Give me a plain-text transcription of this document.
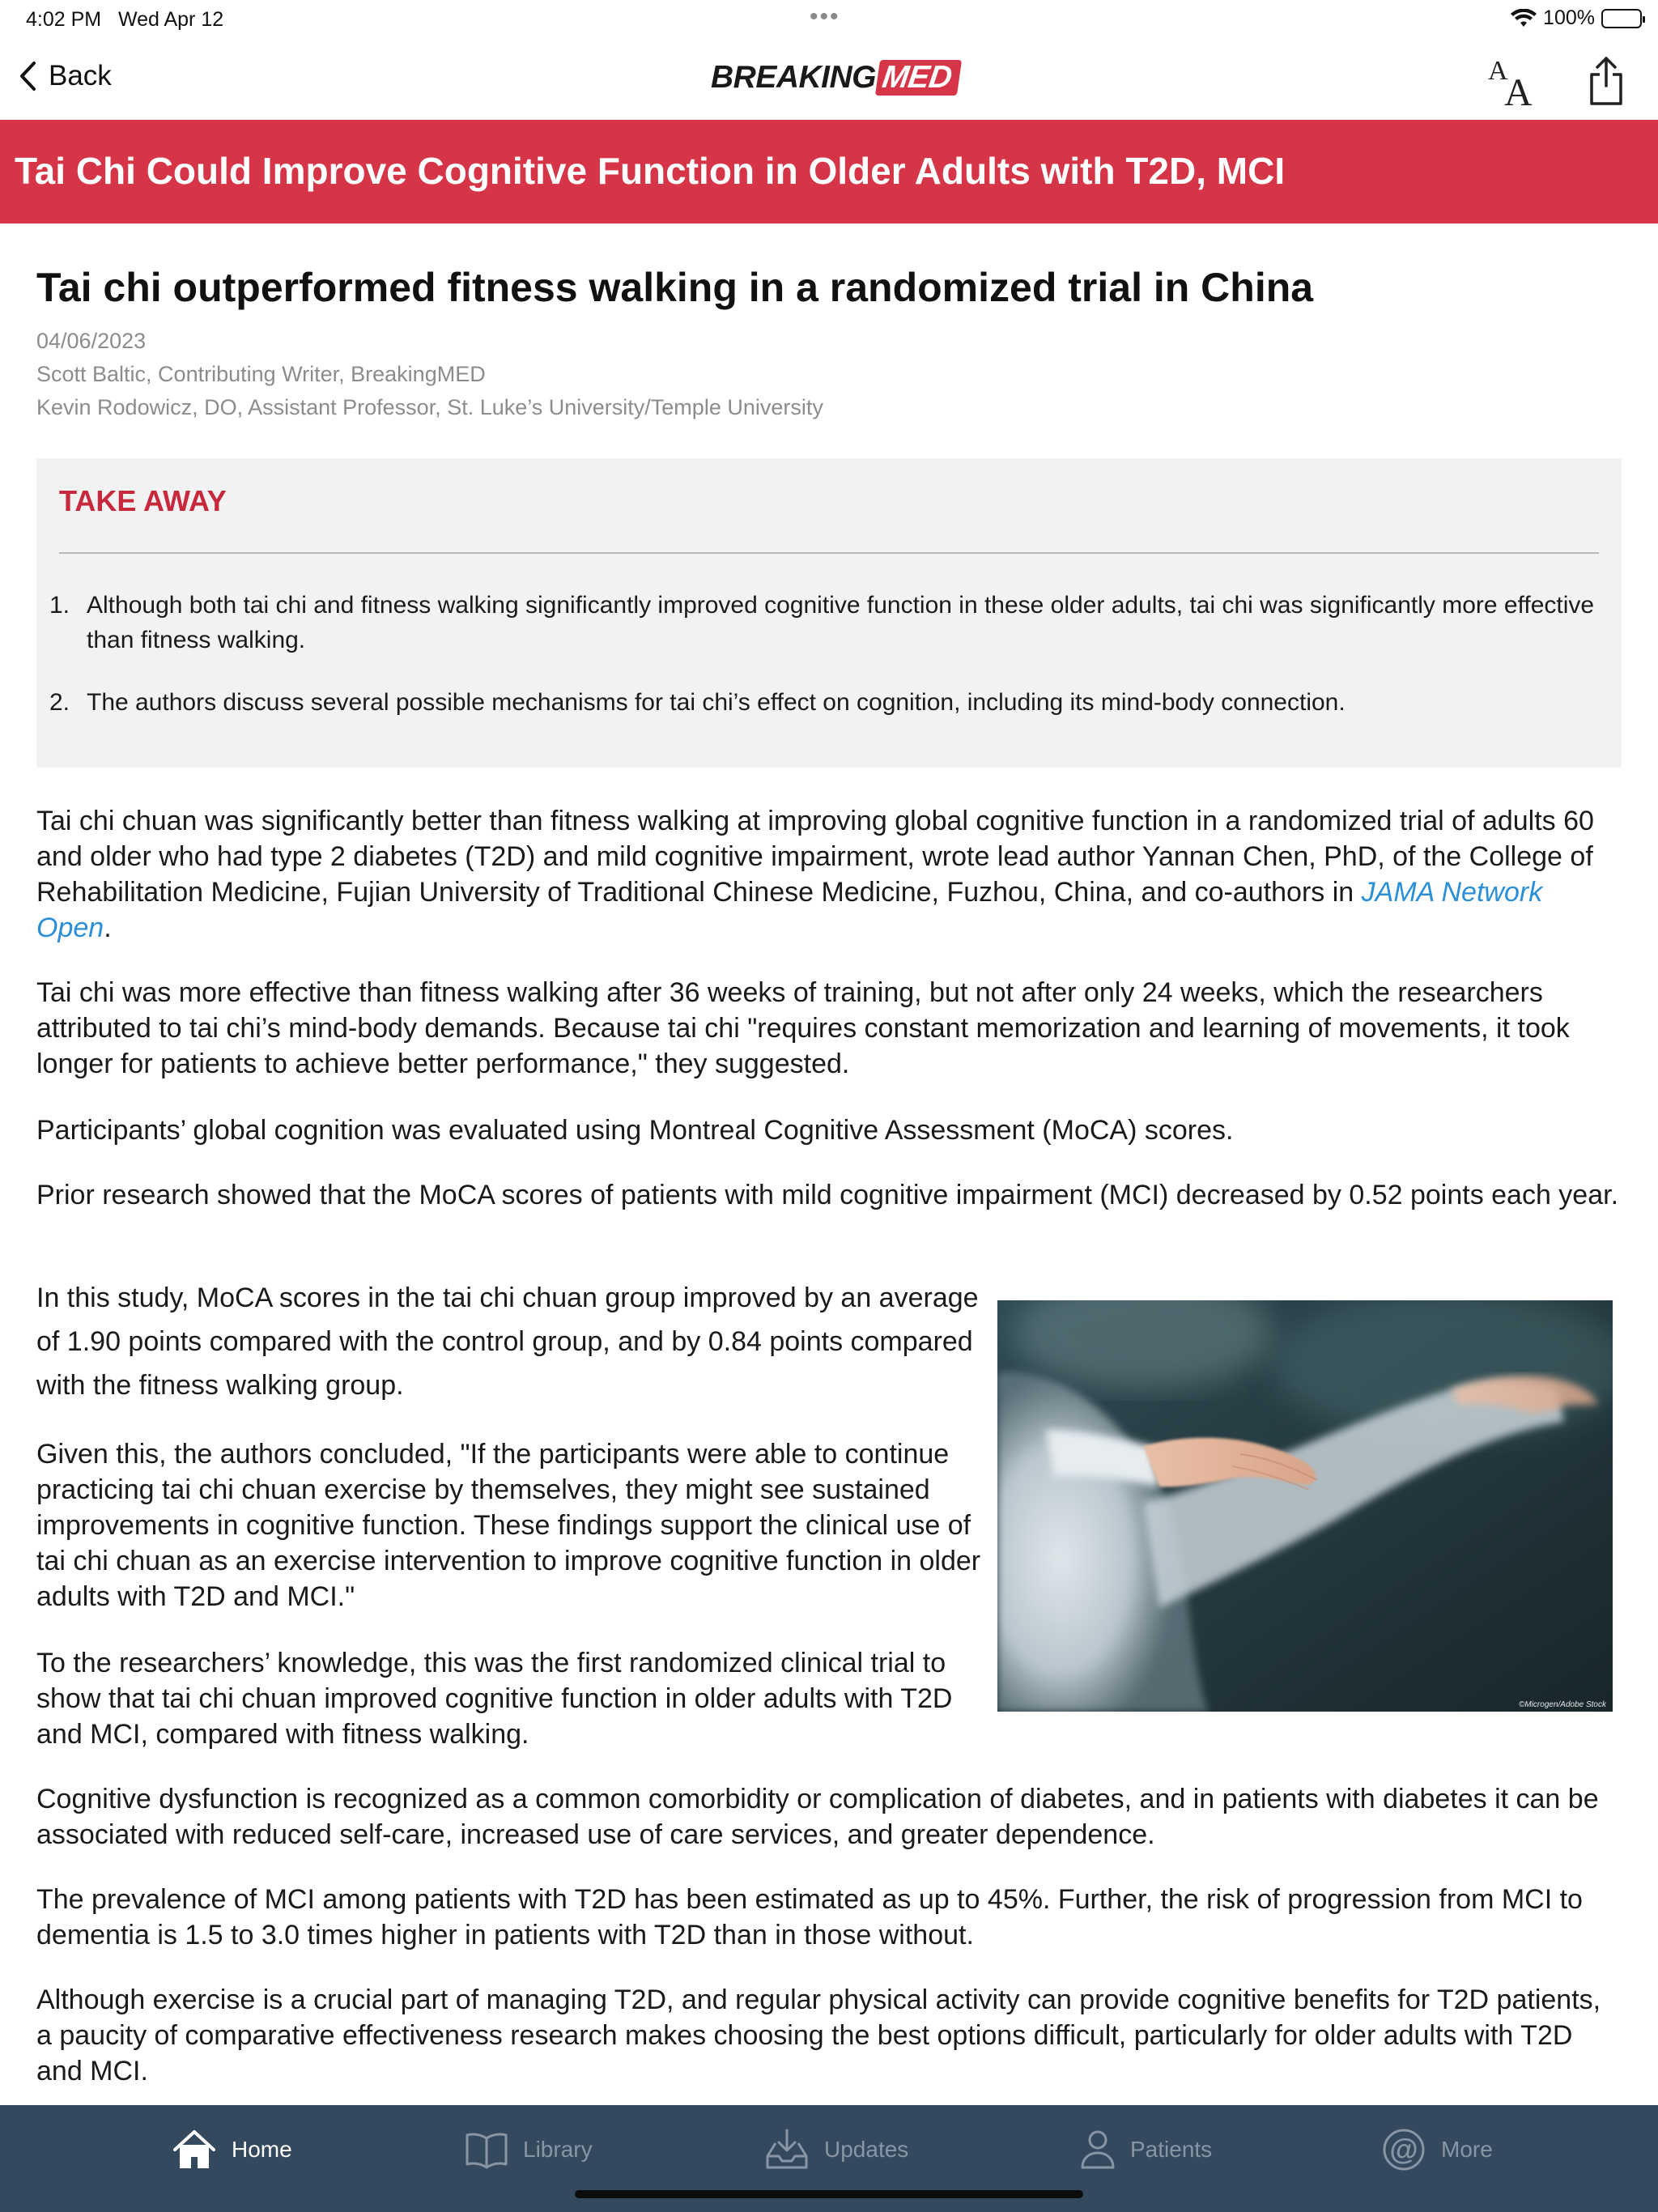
4:02 PM Wed Apr 12	•••	100%
Back	BREAKING MED	A
A
Tai Chi Could Improve Cognitive Function in Older Adults with T2D, MCI
Tai chi outperformed fitness walking in a randomized trial in China
04/06/2023
Scott Baltic, Contributing Writer, BreakingMED
Kevin Rodowicz, DO, Assistant Professor, St. Luke’s University/Temple University
TAKE AWAY
1. Although both tai chi and fitness walking significantly improved cognitive function in these older adults, tai chi was significantly more effective than fitness walking.
2. The authors discuss several possible mechanisms for tai chi’s effect on cognition, including its mind-body connection.

Tai chi chuan was significantly better than fitness walking at improving global cognitive function in a randomized trial of adults 60 and older who had type 2 diabetes (T2D) and mild cognitive impairment, wrote lead author Yannan Chen, PhD, of the College of Rehabilitation Medicine, Fujian University of Traditional Chinese Medicine, Fuzhou, China, and co-authors in JAMA Network Open.

Tai chi was more effective than fitness walking after 36 weeks of training, but not after only 24 weeks, which the researchers attributed to tai chi’s mind-body demands. Because tai chi "requires constant memorization and learning of movements, it took longer for patients to achieve better performance," they suggested.

Participants’ global cognition was evaluated using Montreal Cognitive Assessment (MoCA) scores.

Prior research showed that the MoCA scores of patients with mild cognitive impairment (MCI) decreased by 0.52 points each year.

In this study, MoCA scores in the tai chi chuan group improved by an average of 1.90 points compared with the control group, and by 0.84 points compared with the fitness walking group.

Given this, the authors concluded, "If the participants were able to continue practicing tai chi chuan exercise by themselves, they might see sustained improvements in cognitive function. These findings support the clinical use of tai chi chuan as an exercise intervention to improve cognitive function in older adults with T2D and MCI."

To the researchers’ knowledge, this was the first randomized clinical trial to show that tai chi chuan improved cognitive function in older adults with T2D and MCI, compared with fitness walking.

Cognitive dysfunction is recognized as a common comorbidity or complication of diabetes, and in patients with diabetes it can be associated with reduced self-care, increased use of care services, and greater dependence.

The prevalence of MCI among patients with T2D has been estimated as up to 45%. Further, the risk of progression from MCI to dementia is 1.5 to 3.0 times higher in patients with T2D than in those without.

Although exercise is a crucial part of managing T2D, and regular physical activity can provide cognitive benefits for T2D patients, a paucity of comparative effectiveness research makes choosing the best options difficult, particularly for older adults with T2D and MCI.

©Microgen/Adobe Stock
Home	Library	Updates	Patients	@ More
